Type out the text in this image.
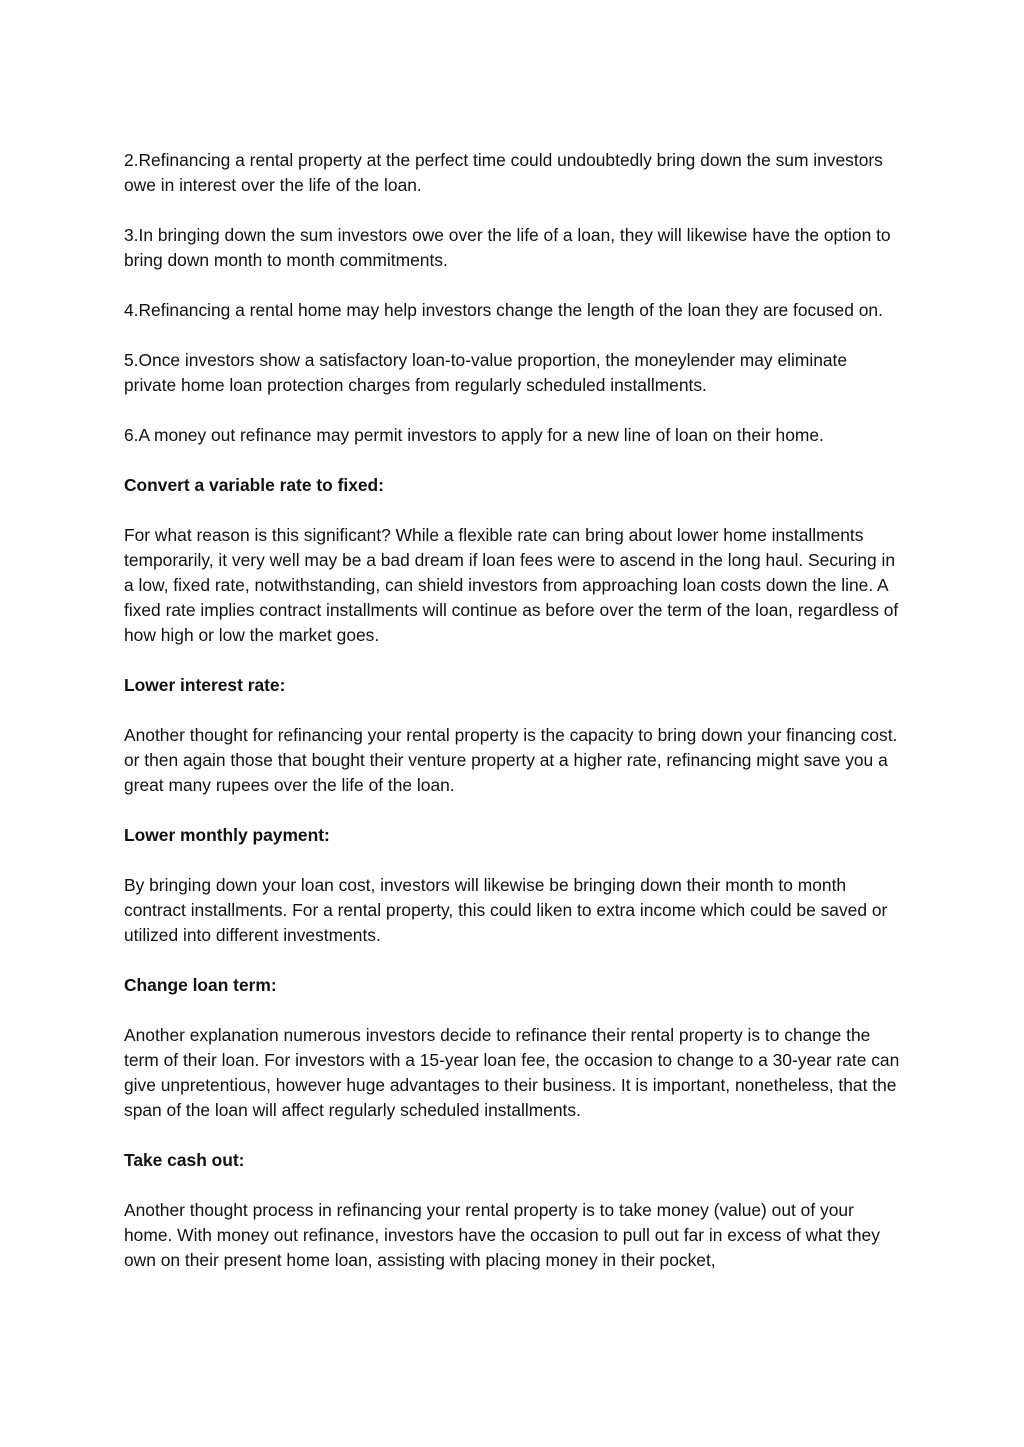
2.Refinancing a rental property at the perfect time could undoubtedly bring down the sum investors owe in interest over the life of the loan.

3.In bringing down the sum investors owe over the life of a loan, they will likewise have the option to bring down month to month commitments.

4.Refinancing a rental home may help investors change the length of the loan they are focused on.

5.Once investors show a satisfactory loan-to-value proportion, the moneylender may eliminate private home loan protection charges from regularly scheduled installments.

6.A money out refinance may permit investors to apply for a new line of loan on their home.

Convert a variable rate to fixed:

For what reason is this significant? While a flexible rate can bring about lower home installments temporarily, it very well may be a bad dream if loan fees were to ascend in the long haul. Securing in a low, fixed rate, notwithstanding, can shield investors from approaching loan costs down the line. A fixed rate implies contract installments will continue as before over the term of the loan, regardless of how high or low the market goes.

Lower interest rate:

Another thought for refinancing your rental property is the capacity to bring down your financing cost. or then again those that bought their venture property at a higher rate, refinancing might save you a great many rupees over the life of the loan.

Lower monthly payment:

By bringing down your loan cost, investors will likewise be bringing down their month to month contract installments. For a rental property, this could liken to extra income which could be saved or utilized into different investments.

Change loan term:

Another explanation numerous investors decide to refinance their rental property is to change the term of their loan. For investors with a 15-year loan fee, the occasion to change to a 30-year rate can give unpretentious, however huge advantages to their business. It is important, nonetheless, that the span of the loan will affect regularly scheduled installments.

Take cash out:

Another thought process in refinancing your rental property is to take money (value) out of your home. With money out refinance, investors have the occasion to pull out far in excess of what they own on their present home loan, assisting with placing money in their pocket,
